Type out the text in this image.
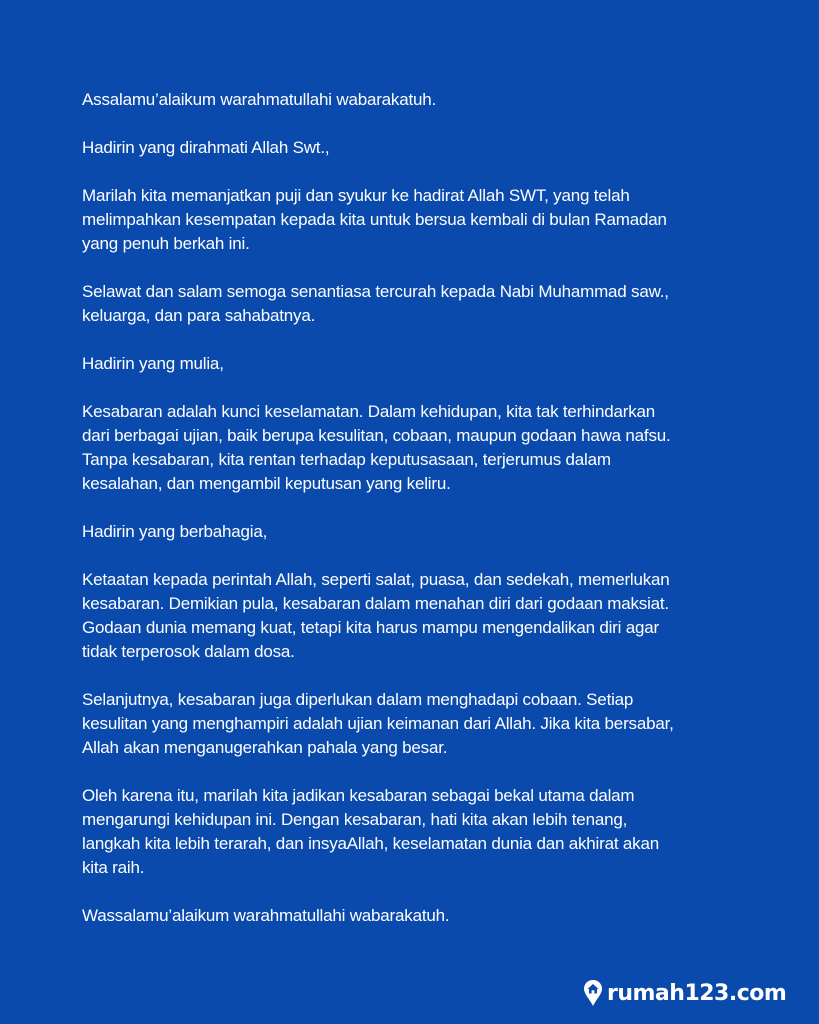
Assalamu’alaikum warahmatullahi wabarakatuh.

Hadirin yang dirahmati Allah Swt.,

Marilah kita memanjatkan puji dan syukur ke hadirat Allah SWT, yang telah
melimpahkan kesempatan kepada kita untuk bersua kembali di bulan Ramadan
yang penuh berkah ini.

Selawat dan salam semoga senantiasa tercurah kepada Nabi Muhammad saw.,
keluarga, dan para sahabatnya.

Hadirin yang mulia,

Kesabaran adalah kunci keselamatan. Dalam kehidupan, kita tak terhindarkan
dari berbagai ujian, baik berupa kesulitan, cobaan, maupun godaan hawa nafsu.
Tanpa kesabaran, kita rentan terhadap keputusasaan, terjerumus dalam
kesalahan, dan mengambil keputusan yang keliru.

Hadirin yang berbahagia,

Ketaatan kepada perintah Allah, seperti salat, puasa, dan sedekah, memerlukan
kesabaran. Demikian pula, kesabaran dalam menahan diri dari godaan maksiat.
Godaan dunia memang kuat, tetapi kita harus mampu mengendalikan diri agar
tidak terperosok dalam dosa.

Selanjutnya, kesabaran juga diperlukan dalam menghadapi cobaan. Setiap
kesulitan yang menghampiri adalah ujian keimanan dari Allah. Jika kita bersabar,
Allah akan menganugerahkan pahala yang besar.

Oleh karena itu, marilah kita jadikan kesabaran sebagai bekal utama dalam
mengarungi kehidupan ini. Dengan kesabaran, hati kita akan lebih tenang,
langkah kita lebih terarah, dan insyaAllah, keselamatan dunia dan akhirat akan
kita raih.

Wassalamu’alaikum warahmatullahi wabarakatuh.

rumah123.com
